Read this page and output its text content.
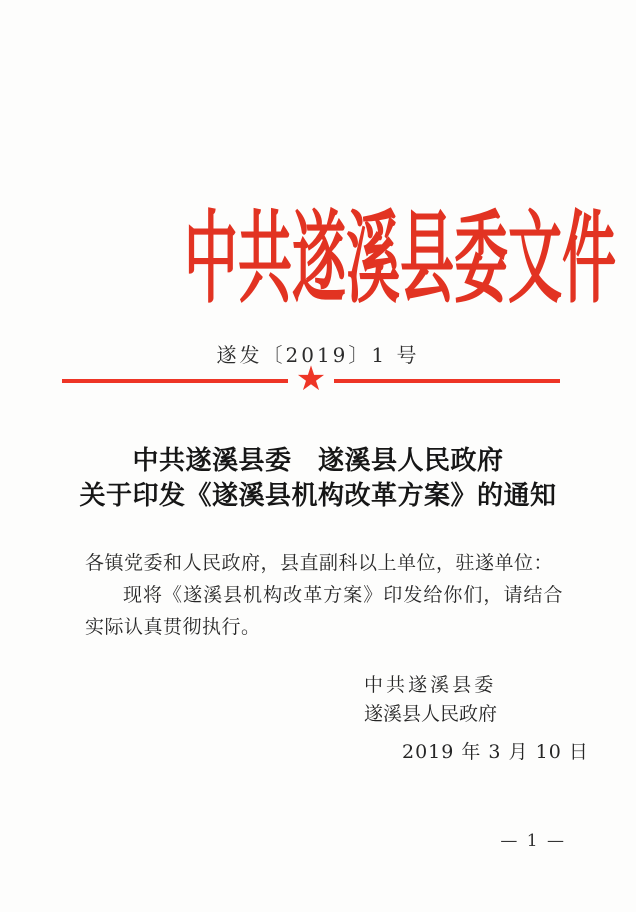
中共遂溪县委文件
遂发〔2019〕1 号
★
中共遂溪县委　遂溪县人民政府
关于印发《遂溪县机构改革方案》的通知

各镇党委和人民政府，县直副科以上单位，驻遂单位：

现将《遂溪县机构改革方案》印发给你们，请结合实际认真贯彻执行。

中共遂溪县委
遂溪县人民政府
2019 年 3 月 10 日
— 1 —
